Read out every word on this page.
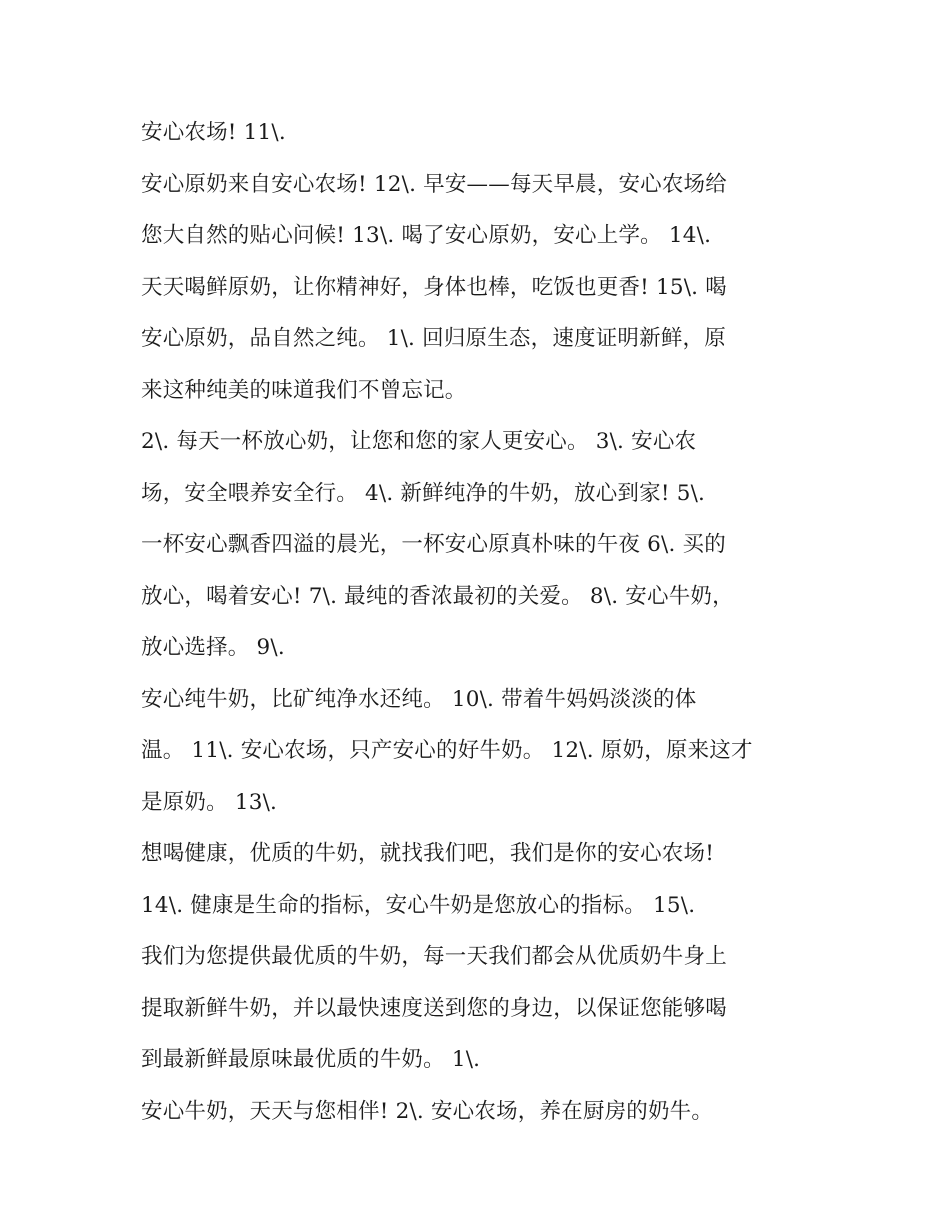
安心农场! 11\.
安心原奶来自安心农场! 12\. 早安——每天早晨，安心农场给
您大自然的贴心问候! 13\. 喝了安心原奶，安心上学。 14\.
天天喝鲜原奶，让你精神好，身体也棒，吃饭也更香! 15\. 喝
安心原奶，品自然之纯。 1\. 回归原生态，速度证明新鲜，原
来这种纯美的味道我们不曾忘记。
2\. 每天一杯放心奶，让您和您的家人更安心。 3\. 安心农
场，安全喂养安全行。 4\. 新鲜纯净的牛奶，放心到家! 5\.
一杯安心飘香四溢的晨光，一杯安心原真朴味的午夜 6\. 买的
放心，喝着安心! 7\. 最纯的香浓最初的关爱。 8\. 安心牛奶，
放心选择。 9\.
安心纯牛奶，比矿纯净水还纯。 10\. 带着牛妈妈淡淡的体
温。 11\. 安心农场，只产安心的好牛奶。 12\. 原奶，原来这才
是原奶。 13\.
想喝健康，优质的牛奶，就找我们吧，我们是你的安心农场!
14\. 健康是生命的指标，安心牛奶是您放心的指标。 15\.
我们为您提供最优质的牛奶，每一天我们都会从优质奶牛身上
提取新鲜牛奶，并以最快速度送到您的身边，以保证您能够喝
到最新鲜最原味最优质的牛奶。 1\.
安心牛奶，天天与您相伴! 2\. 安心农场，养在厨房的奶牛。
